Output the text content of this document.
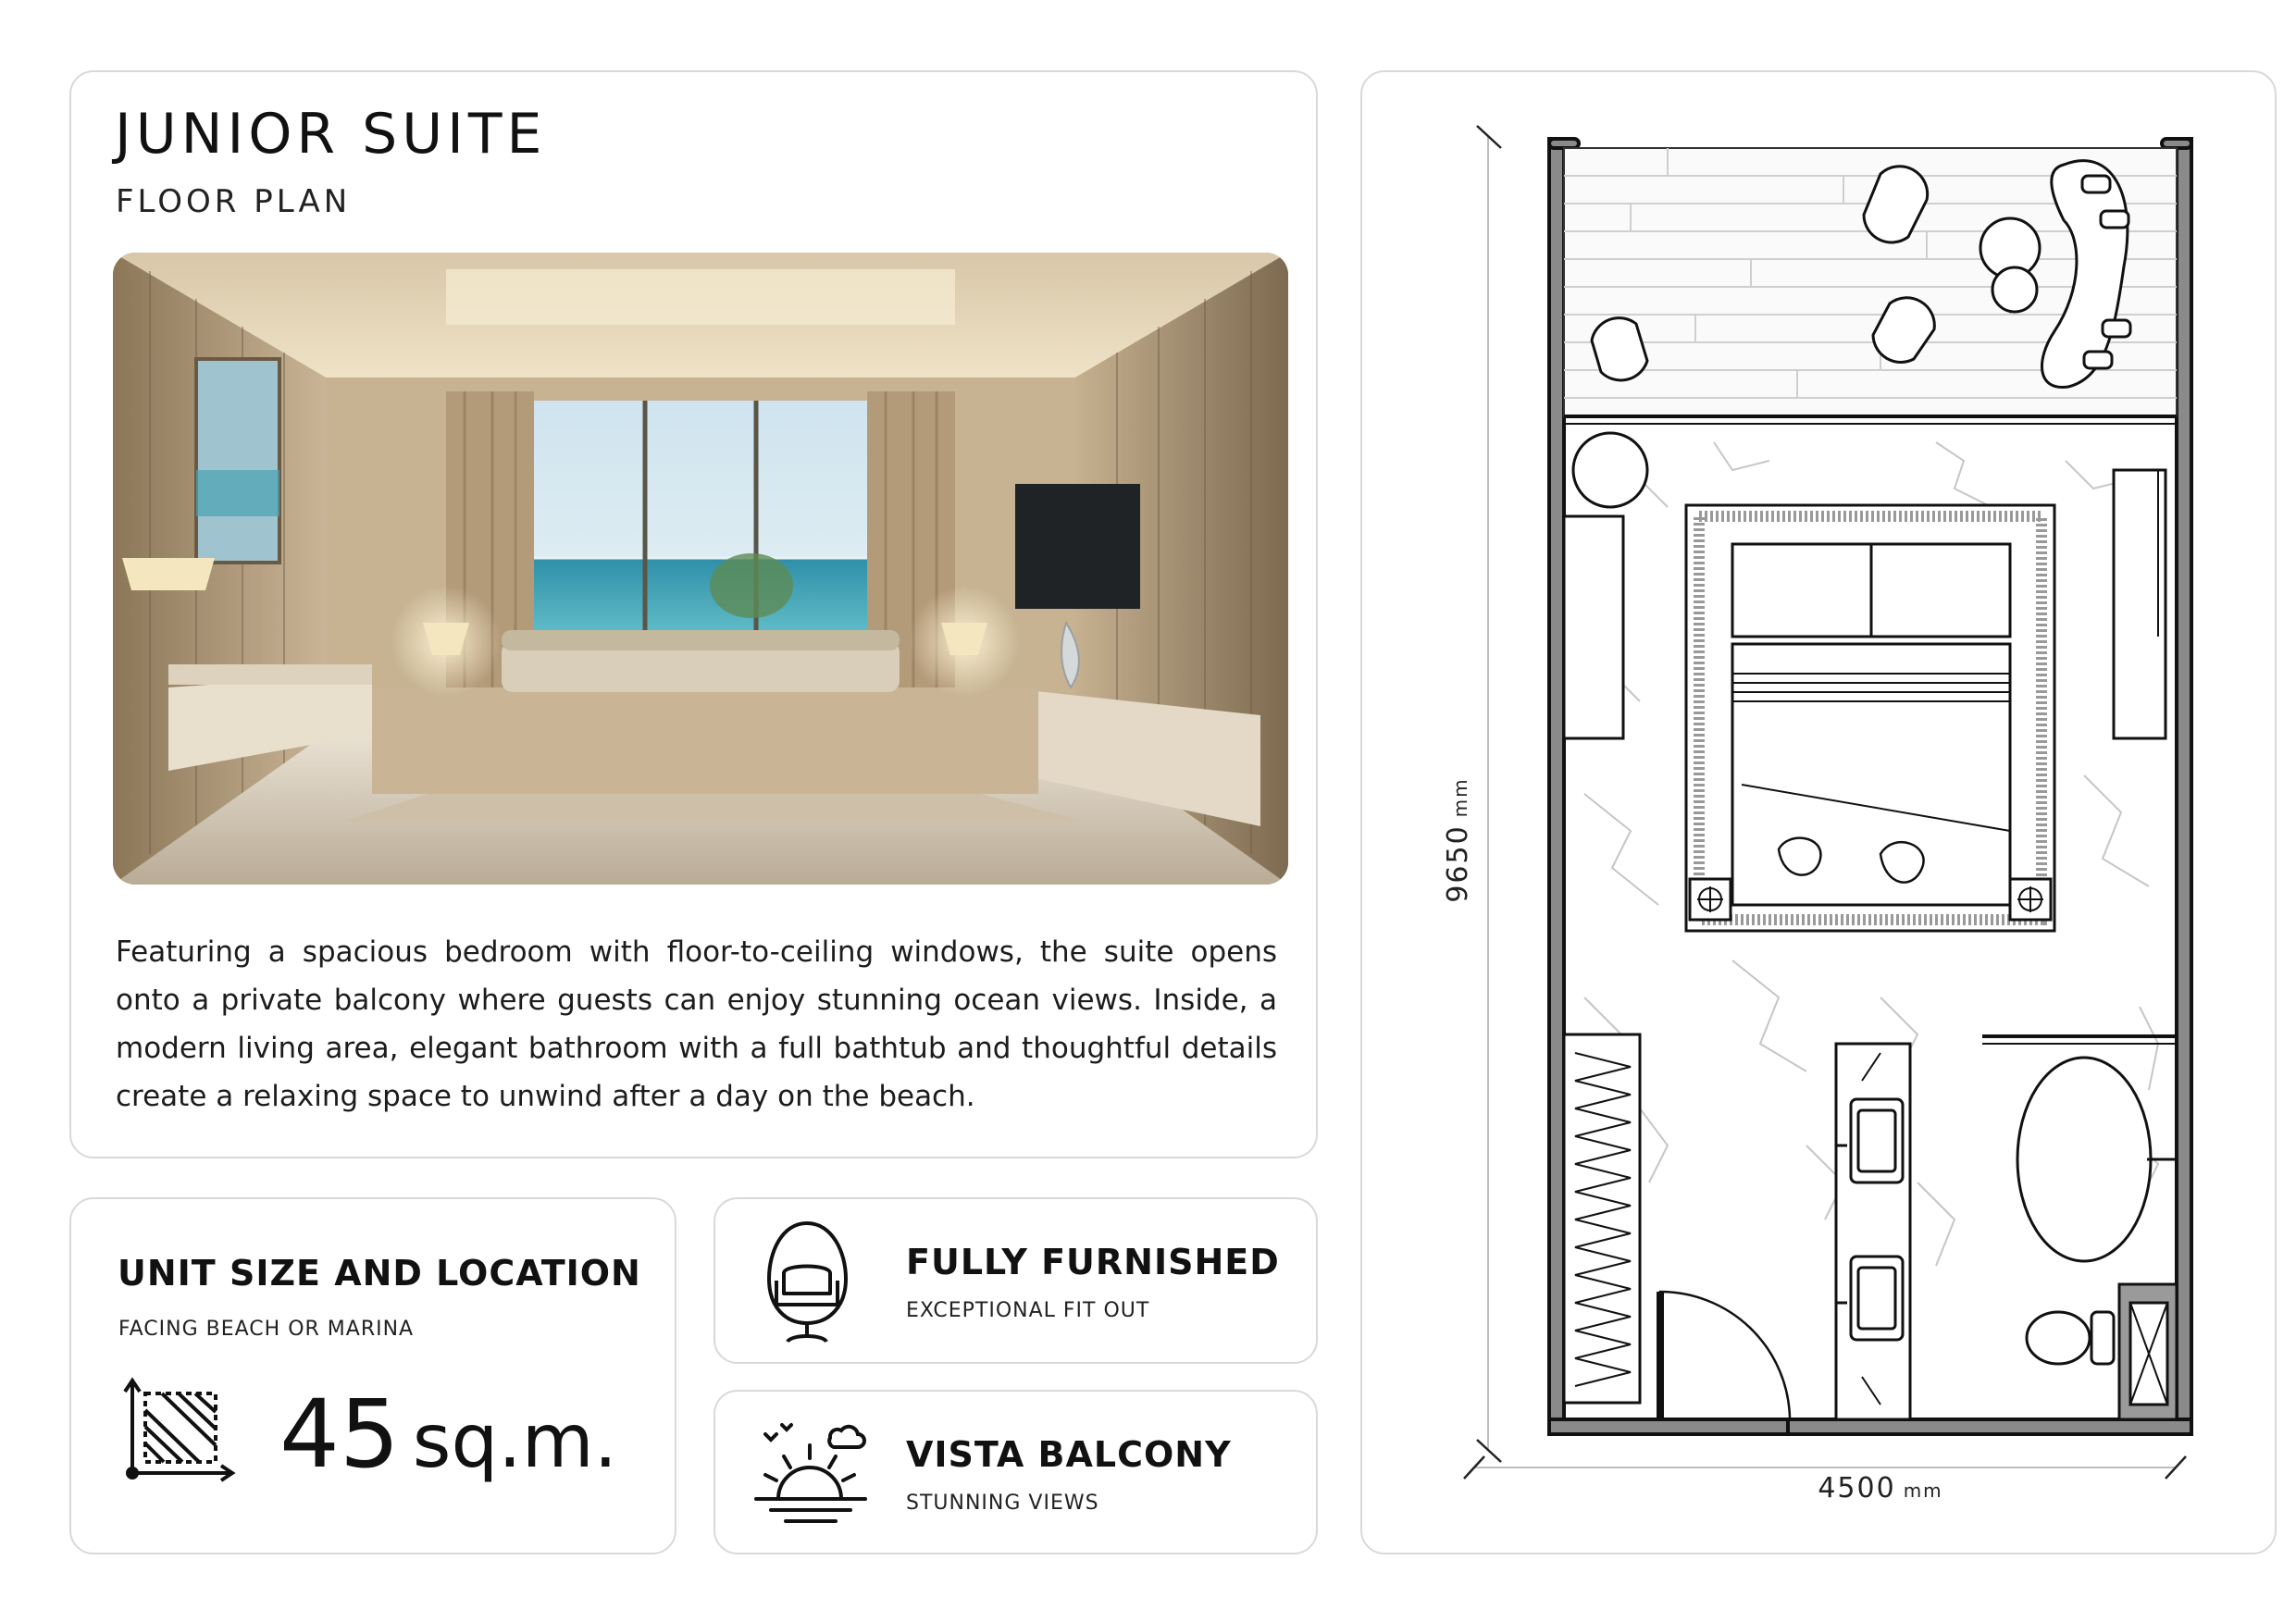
JUNIOR SUITE
FLOOR PLAN

Featuring a spacious bedroom with floor-to-ceiling windows, the suite opens onto a private balcony where guests can enjoy stunning ocean views. Inside, a modern living area, elegant bathroom with a full bathtub and thoughtful details create a relaxing space to unwind after a day on the beach.

UNIT SIZE AND LOCATION
FACING BEACH OR MARINA
45 sq.m.
FULLY FURNISHED
EXCEPTIONAL FIT OUT
VISTA BALCONY
STUNNING VIEWS
9650mm
4500 mm
